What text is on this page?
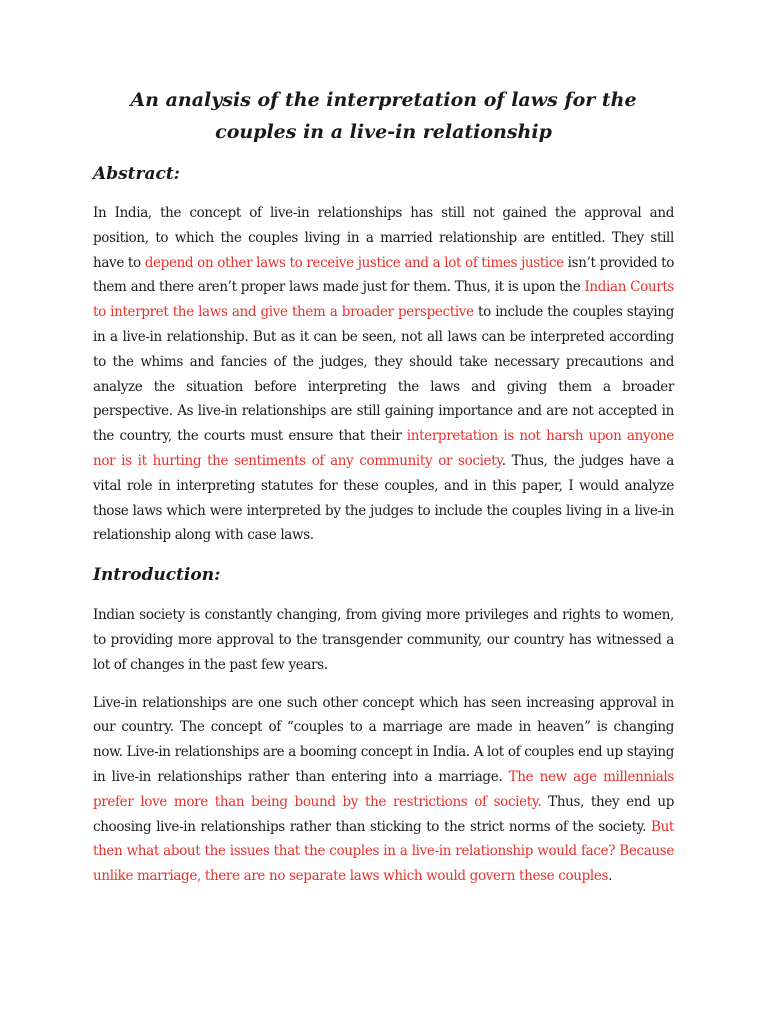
An analysis of the interpretation of laws for the couples in a live-in relationship
Abstract:

In India, the concept of live-in relationships has still not gained the approval and position, to which the couples living in a married relationship are entitled. They still have to depend on other laws to receive justice and a lot of times justice isn’t provided to them and there aren’t proper laws made just for them. Thus, it is upon the Indian Courts to interpret the laws and give them a broader perspective to include the couples staying in a live-in relationship. But as it can be seen, not all laws can be interpreted according to the whims and fancies of the judges, they should take necessary precautions and analyze the situation before interpreting the laws and giving them a broader perspective. As live-in relationships are still gaining importance and are not accepted in the country, the courts must ensure that their interpretation is not harsh upon anyone nor is it hurting the sentiments of any community or society. Thus, the judges have a vital role in interpreting statutes for these couples, and in this paper, I would analyze those laws which were interpreted by the judges to include the couples living in a live-in relationship along with case laws.

Introduction:

Indian society is constantly changing, from giving more privileges and rights to women, to providing more approval to the transgender community, our country has witnessed a lot of changes in the past few years.

Live-in relationships are one such other concept which has seen increasing approval in our country. The concept of “couples to a marriage are made in heaven” is changing now. Live-in relationships are a booming concept in India. A lot of couples end up staying in live-in relationships rather than entering into a marriage. The new age millennials prefer love more than being bound by the restrictions of society. Thus, they end up choosing live-in relationships rather than sticking to the strict norms of the society. But then what about the issues that the couples in a live-in relationship would face? Because unlike marriage, there are no separate laws which would govern these couples.
